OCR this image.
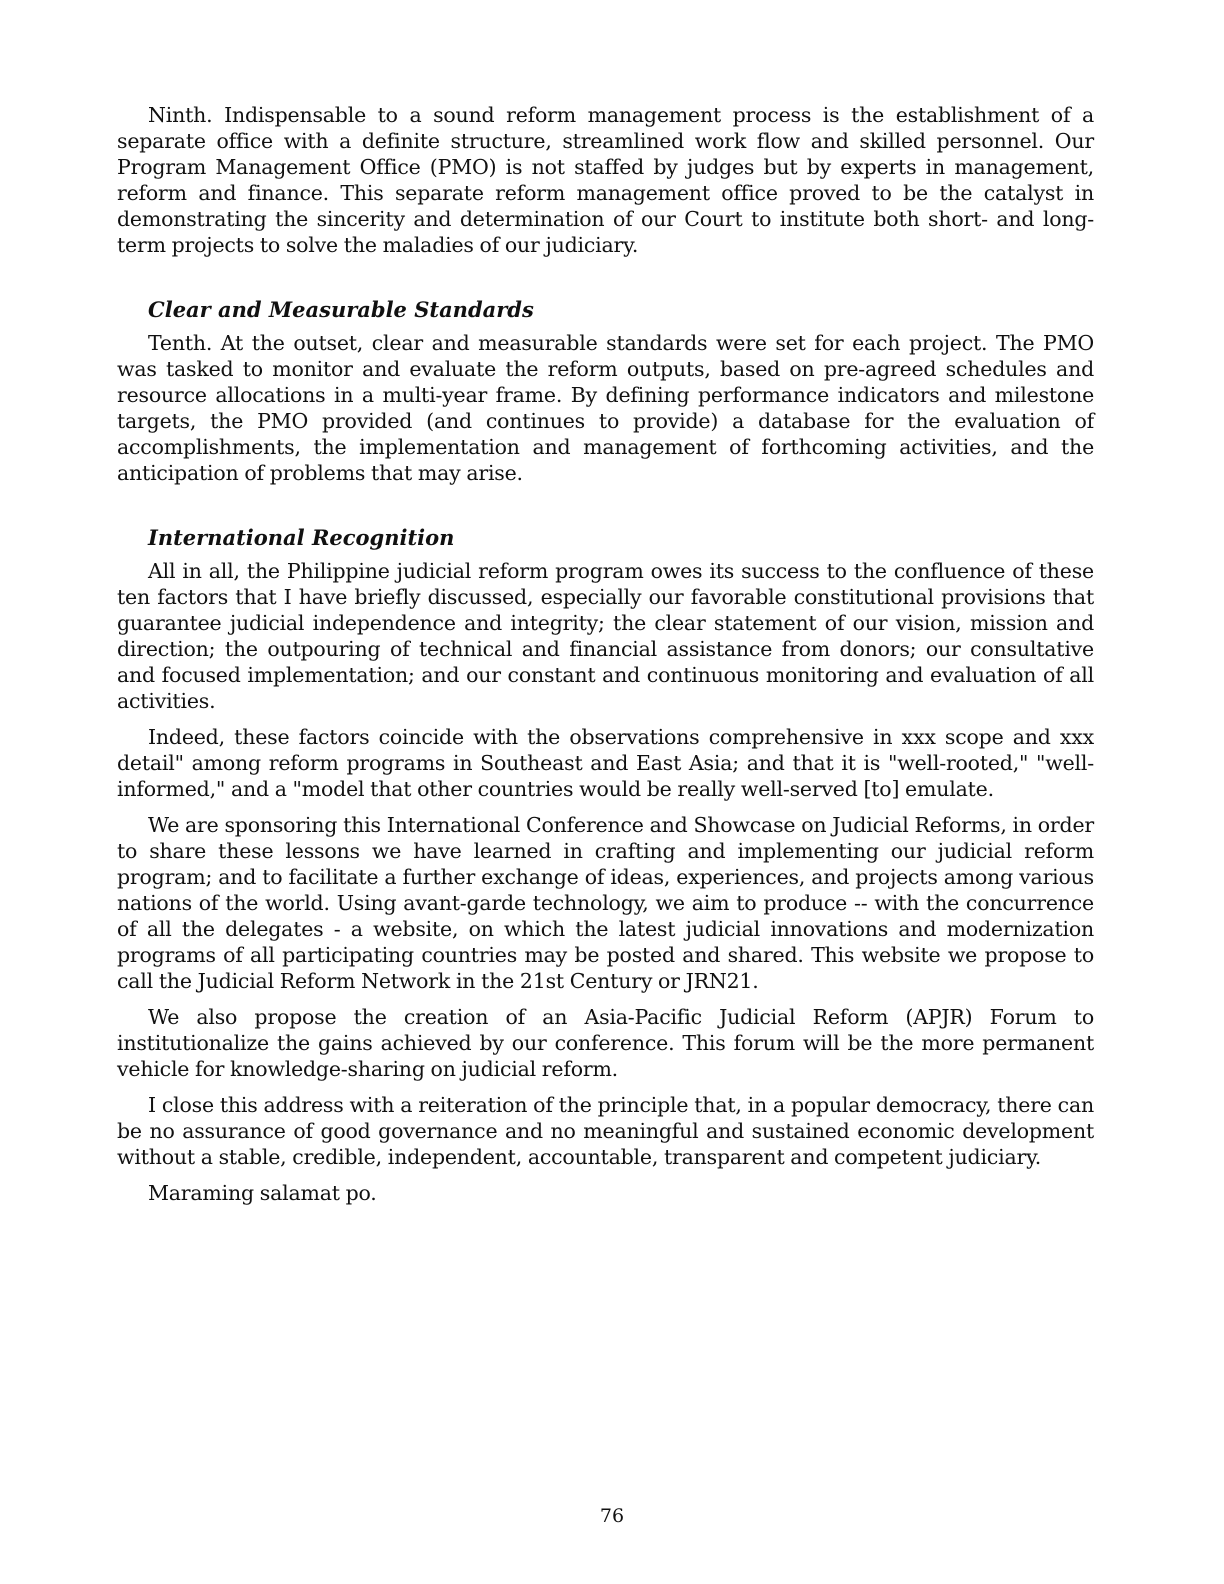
Ninth. Indispensable to a sound reform management process is the establishment of a separate office with a definite structure, streamlined work flow and skilled personnel. Our Program Management Office (PMO) is not staffed by judges but by experts in management, reform and finance. This separate reform management office proved to be the catalyst in demonstrating the sincerity and determination of our Court to institute both short- and long-term projects to solve the maladies of our judiciary.

Clear and Measurable Standards

Tenth. At the outset, clear and measurable standards were set for each project. The PMO was tasked to monitor and evaluate the reform outputs, based on pre-agreed schedules and resource allocations in a multi-year frame. By defining performance indicators and milestone targets, the PMO provided (and continues to provide) a database for the evaluation of accomplishments, the implementation and management of forthcoming activities, and the anticipation of problems that may arise.

International Recognition

All in all, the Philippine judicial reform program owes its success to the confluence of these ten factors that I have briefly discussed, especially our favorable constitutional provisions that guarantee judicial independence and integrity; the clear statement of our vision, mission and direction; the outpouring of technical and financial assistance from donors; our consultative and focused implementation; and our constant and continuous monitoring and evaluation of all activities.

Indeed, these factors coincide with the observations comprehensive in xxx scope and xxx detail" among reform programs in Southeast and East Asia; and that it is "well-rooted," "well-informed," and a "model that other countries would be really well-served [to] emulate.

We are sponsoring this International Conference and Showcase on Judicial Reforms, in order to share these lessons we have learned in crafting and implementing our judicial reform program; and to facilitate a further exchange of ideas, experiences, and projects among various nations of the world. Using avant-garde technology, we aim to produce -- with the concurrence of all the delegates - a website, on which the latest judicial innovations and modernization programs of all participating countries may be posted and shared. This website we propose to call the Judicial Reform Network in the 21st Century or JRN21.

We also propose the creation of an Asia-Pacific Judicial Reform (APJR) Forum to institutionalize the gains achieved by our conference. This forum will be the more permanent vehicle for knowledge-sharing on judicial reform.

I close this address with a reiteration of the principle that, in a popular democracy, there can be no assurance of good governance and no meaningful and sustained economic development without a stable, credible, independent, accountable, transparent and competent judiciary.

Maraming salamat po.

76
